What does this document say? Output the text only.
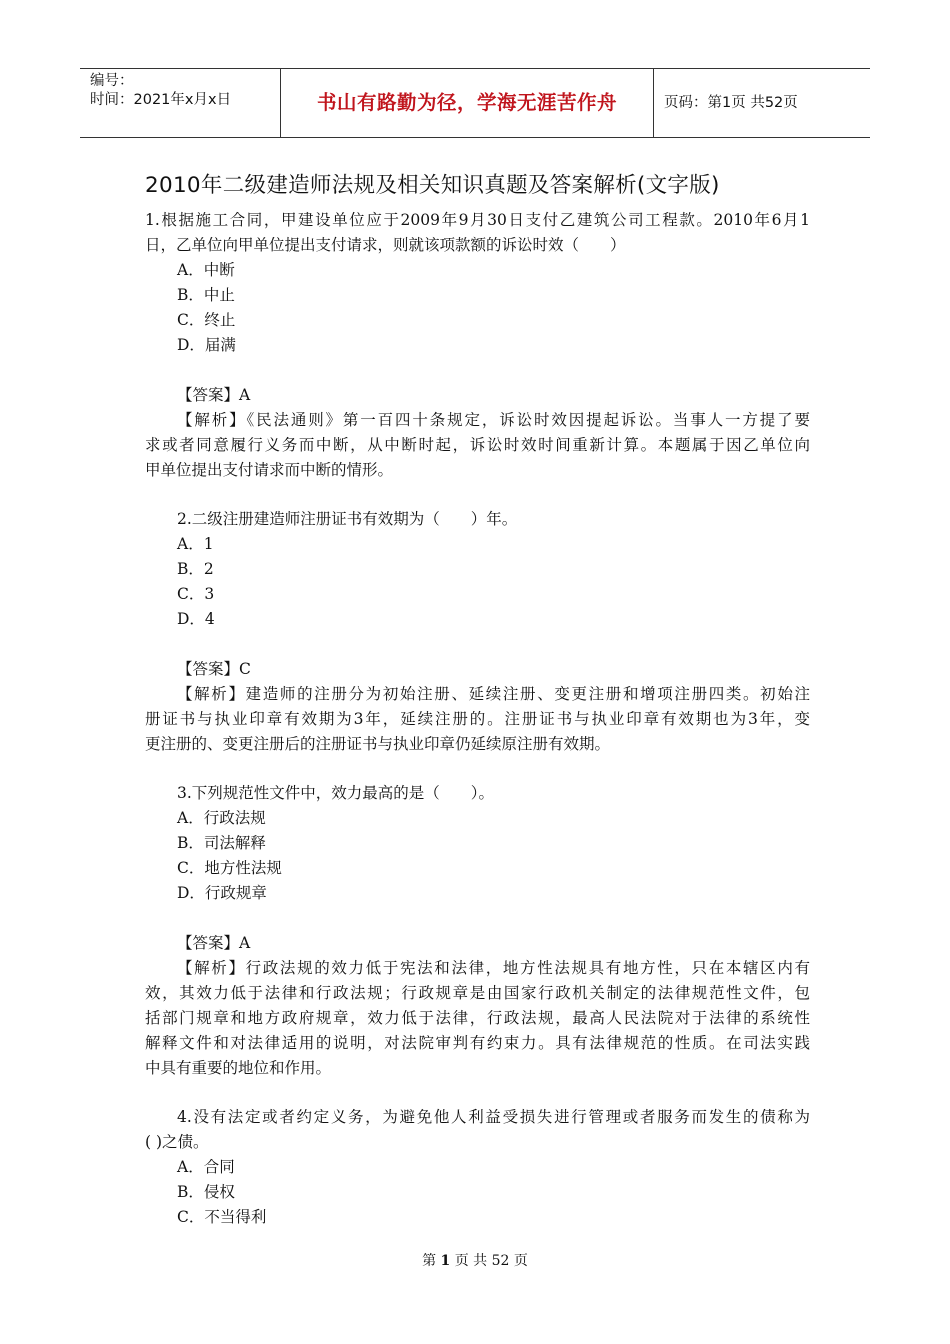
编号：
时间：2021年x月x日	书山有路勤为径，学海无涯苦作舟	页码：第1页 共52页
2010年二级建造师法规及相关知识真题及答案解析(文字版)
1.根据施工合同，甲建设单位应于2009年9月30日支付乙建筑公司工程款。2010年6月1
日，乙单位向甲单位提出支付请求，则就该项款额的诉讼时效（　　）
A．中断
B．中止
C．终止
D．届满
【答案】A
【解析】《民法通则》第一百四十条规定，诉讼时效因提起诉讼。当事人一方提了要
求或者同意履行义务而中断，从中断时起，诉讼时效时间重新计算。本题属于因乙单位向
甲单位提出支付请求而中断的情形。
2.二级注册建造师注册证书有效期为（　　）年。
A．1
B．2
C．3
D．4
【答案】C
【解析】建造师的注册分为初始注册、延续注册、变更注册和增项注册四类。初始注
册证书与执业印章有效期为3年，延续注册的。注册证书与执业印章有效期也为3年，变
更注册的、变更注册后的注册证书与执业印章仍延续原注册有效期。
3.下列规范性文件中，效力最高的是（　　）。
A．行政法规
B．司法解释
C．地方性法规
D．行政规章
【答案】A
【解析】行政法规的效力低于宪法和法律，地方性法规具有地方性，只在本辖区内有
效，其效力低于法律和行政法规；行政规章是由国家行政机关制定的法律规范性文件，包
括部门规章和地方政府规章，效力低于法律，行政法规，最高人民法院对于法律的系统性
解释文件和对法律适用的说明，对法院审判有约束力。具有法律规范的性质。在司法实践
中具有重要的地位和作用。
4.没有法定或者约定义务，为避免他人利益受损失进行管理或者服务而发生的债称为
( )之债。
A．合同
B．侵权
C．不当得利
第 1 页 共 52 页
